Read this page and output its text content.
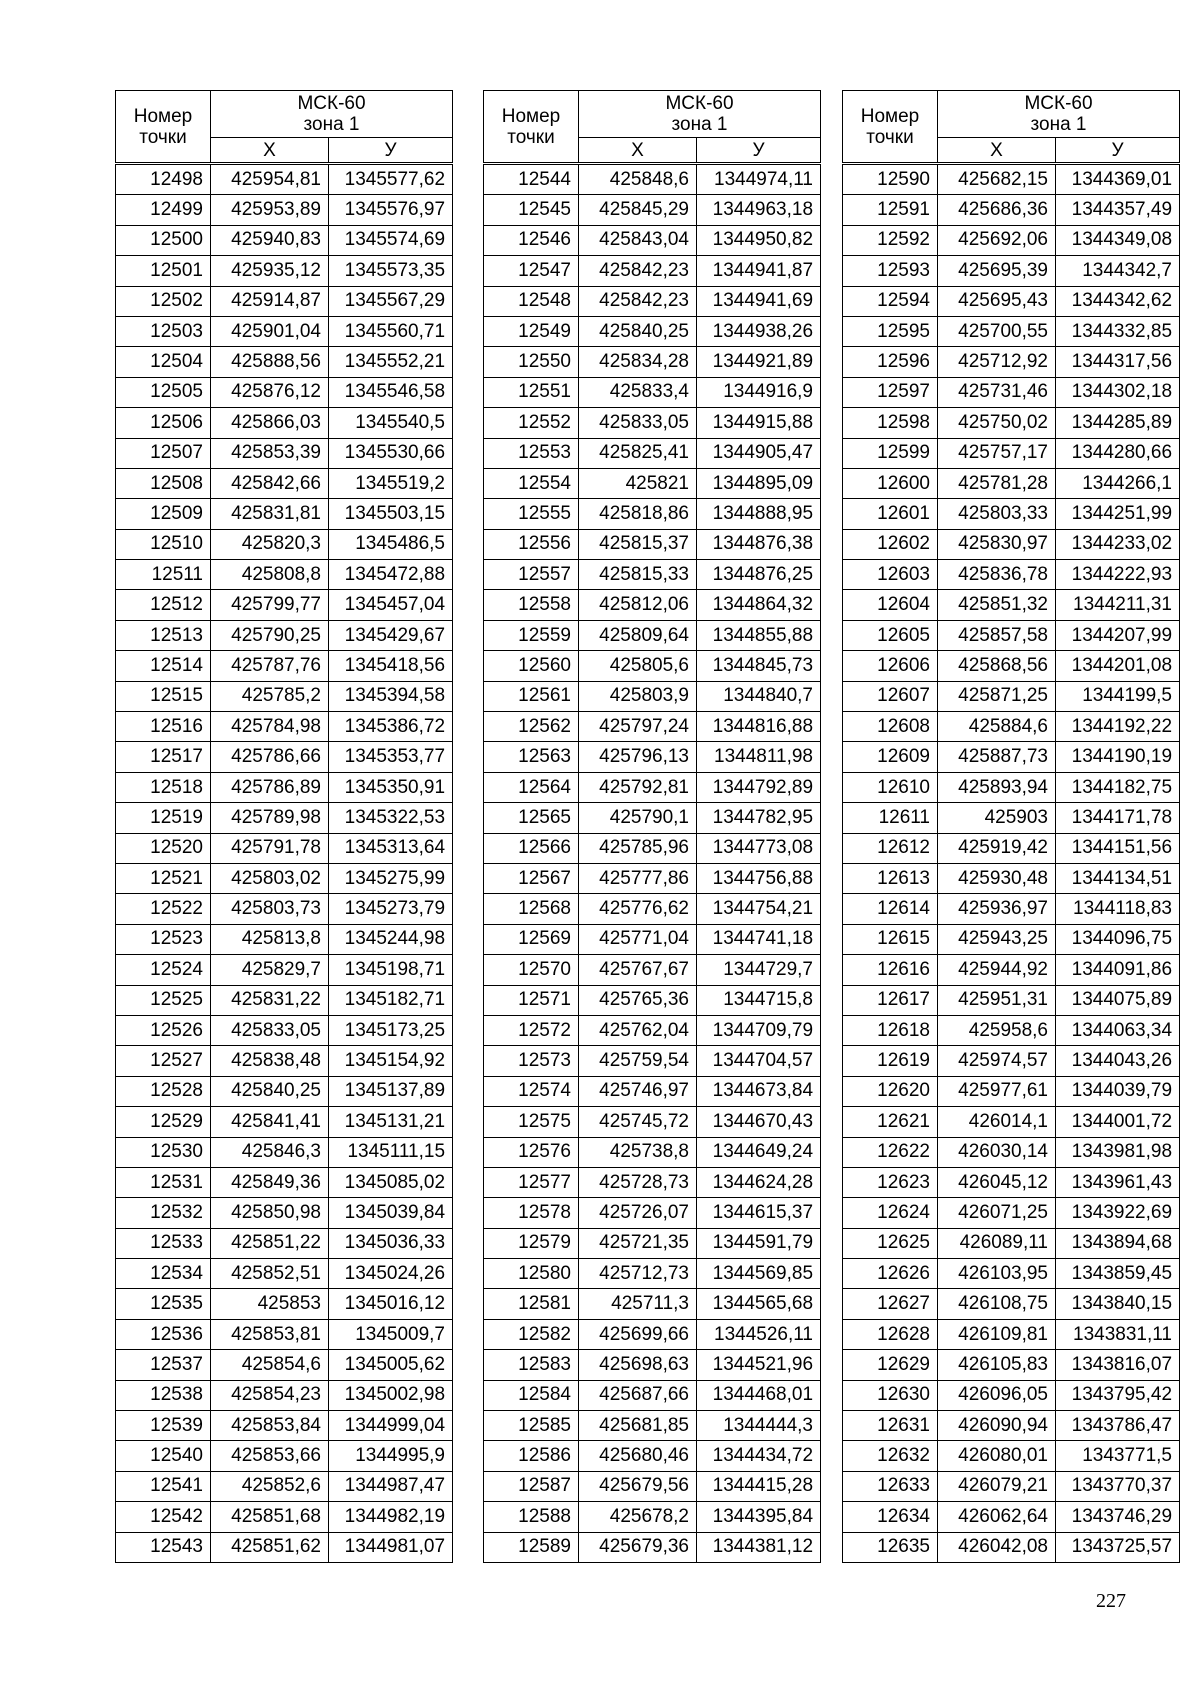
Номер
точки	МСК-60
зона 1	
	X	У
12498	425954,81	1345577,62
12499	425953,89	1345576,97
12500	425940,83	1345574,69
12501	425935,12	1345573,35
12502	425914,87	1345567,29
12503	425901,04	1345560,71
12504	425888,56	1345552,21
12505	425876,12	1345546,58
12506	425866,03	1345540,5
12507	425853,39	1345530,66
12508	425842,66	1345519,2
12509	425831,81	1345503,15
12510	425820,3	1345486,5
12511	425808,8	1345472,88
12512	425799,77	1345457,04
12513	425790,25	1345429,67
12514	425787,76	1345418,56
12515	425785,2	1345394,58
12516	425784,98	1345386,72
12517	425786,66	1345353,77
12518	425786,89	1345350,91
12519	425789,98	1345322,53
12520	425791,78	1345313,64
12521	425803,02	1345275,99
12522	425803,73	1345273,79
12523	425813,8	1345244,98
12524	425829,7	1345198,71
12525	425831,22	1345182,71
12526	425833,05	1345173,25
12527	425838,48	1345154,92
12528	425840,25	1345137,89
12529	425841,41	1345131,21
12530	425846,3	1345111,15
12531	425849,36	1345085,02
12532	425850,98	1345039,84
12533	425851,22	1345036,33
12534	425852,51	1345024,26
12535	425853	1345016,12
12536	425853,81	1345009,7
12537	425854,6	1345005,62
12538	425854,23	1345002,98
12539	425853,84	1344999,04
12540	425853,66	1344995,9
12541	425852,6	1344987,47
12542	425851,68	1344982,19
12543	425851,62	1344981,07
Номер
точки	МСК-60
зона 1	
	X	У
12544	425848,6	1344974,11
12545	425845,29	1344963,18
12546	425843,04	1344950,82
12547	425842,23	1344941,87
12548	425842,23	1344941,69
12549	425840,25	1344938,26
12550	425834,28	1344921,89
12551	425833,4	1344916,9
12552	425833,05	1344915,88
12553	425825,41	1344905,47
12554	425821	1344895,09
12555	425818,86	1344888,95
12556	425815,37	1344876,38
12557	425815,33	1344876,25
12558	425812,06	1344864,32
12559	425809,64	1344855,88
12560	425805,6	1344845,73
12561	425803,9	1344840,7
12562	425797,24	1344816,88
12563	425796,13	1344811,98
12564	425792,81	1344792,89
12565	425790,1	1344782,95
12566	425785,96	1344773,08
12567	425777,86	1344756,88
12568	425776,62	1344754,21
12569	425771,04	1344741,18
12570	425767,67	1344729,7
12571	425765,36	1344715,8
12572	425762,04	1344709,79
12573	425759,54	1344704,57
12574	425746,97	1344673,84
12575	425745,72	1344670,43
12576	425738,8	1344649,24
12577	425728,73	1344624,28
12578	425726,07	1344615,37
12579	425721,35	1344591,79
12580	425712,73	1344569,85
12581	425711,3	1344565,68
12582	425699,66	1344526,11
12583	425698,63	1344521,96
12584	425687,66	1344468,01
12585	425681,85	1344444,3
12586	425680,46	1344434,72
12587	425679,56	1344415,28
12588	425678,2	1344395,84
12589	425679,36	1344381,12
Номер
точки	МСК-60
зона 1	
	X	У
12590	425682,15	1344369,01
12591	425686,36	1344357,49
12592	425692,06	1344349,08
12593	425695,39	1344342,7
12594	425695,43	1344342,62
12595	425700,55	1344332,85
12596	425712,92	1344317,56
12597	425731,46	1344302,18
12598	425750,02	1344285,89
12599	425757,17	1344280,66
12600	425781,28	1344266,1
12601	425803,33	1344251,99
12602	425830,97	1344233,02
12603	425836,78	1344222,93
12604	425851,32	1344211,31
12605	425857,58	1344207,99
12606	425868,56	1344201,08
12607	425871,25	1344199,5
12608	425884,6	1344192,22
12609	425887,73	1344190,19
12610	425893,94	1344182,75
12611	425903	1344171,78
12612	425919,42	1344151,56
12613	425930,48	1344134,51
12614	425936,97	1344118,83
12615	425943,25	1344096,75
12616	425944,92	1344091,86
12617	425951,31	1344075,89
12618	425958,6	1344063,34
12619	425974,57	1344043,26
12620	425977,61	1344039,79
12621	426014,1	1344001,72
12622	426030,14	1343981,98
12623	426045,12	1343961,43
12624	426071,25	1343922,69
12625	426089,11	1343894,68
12626	426103,95	1343859,45
12627	426108,75	1343840,15
12628	426109,81	1343831,11
12629	426105,83	1343816,07
12630	426096,05	1343795,42
12631	426090,94	1343786,47
12632	426080,01	1343771,5
12633	426079,21	1343770,37
12634	426062,64	1343746,29
12635	426042,08	1343725,57
227
